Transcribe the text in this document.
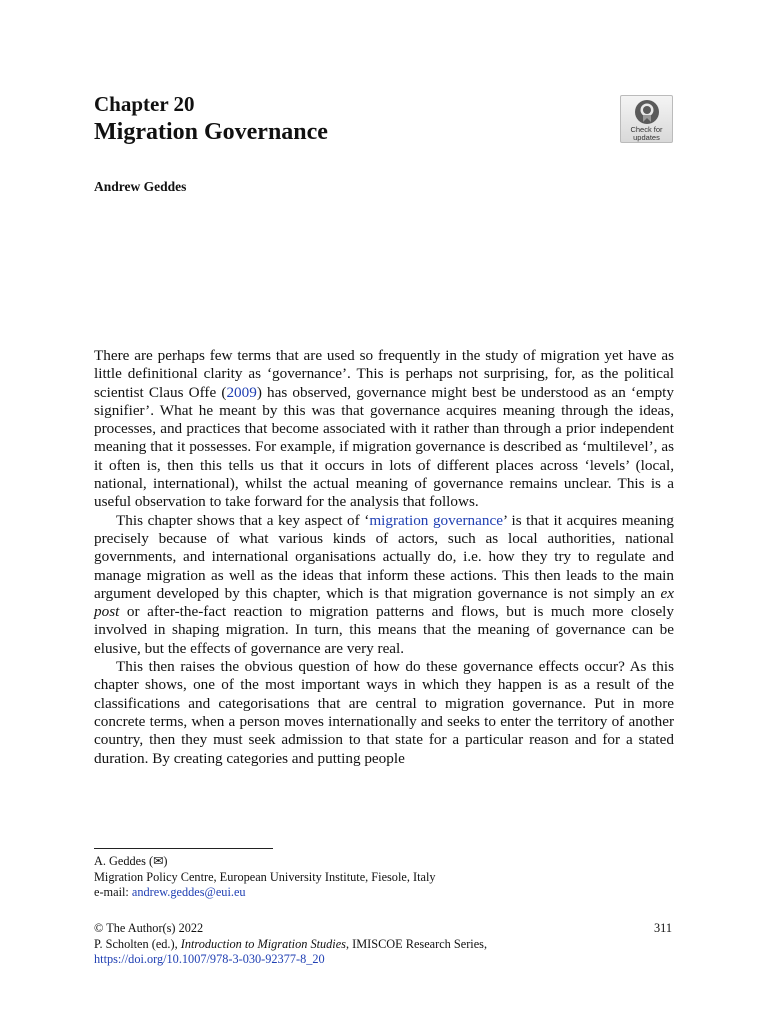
Chapter 20
Migration Governance	Check for
updates
Andrew Geddes

There are perhaps few terms that are used so frequently in the study of migration yet have as little definitional clarity as ‘governance’. This is perhaps not surprising, for, as the political scientist Claus Offe (2009) has observed, governance might best be understood as an ‘empty signifier’. What he meant by this was that governance acquires meaning through the ideas, processes, and practices that become associated with it rather than through a prior independent meaning that it possesses. For example, if migration governance is described as ‘multilevel’, as it often is, then this tells us that it occurs in lots of different places across ‘levels’ (local, national, international), whilst the actual meaning of governance remains unclear. This is a useful observation to take forward for the analysis that follows.

This chapter shows that a key aspect of ‘migration governance’ is that it acquires meaning precisely because of what various kinds of actors, such as local authorities, national governments, and international organisations actually do, i.e. how they try to regulate and manage migration as well as the ideas that inform these actions. This then leads to the main argument developed by this chapter, which is that migration governance is not simply an ex post or after-the-fact reaction to migration patterns and flows, but is much more closely involved in shaping migration. In turn, this means that the meaning of governance can be elusive, but the effects of governance are very real.

This then raises the obvious question of how do these governance effects occur? As this chapter shows, one of the most important ways in which they happen is as a result of the classifications and categorisations that are central to migration governance. Put in more concrete terms, when a person moves internationally and seeks to enter the territory of another country, then they must seek admission to that state for a particular reason and for a stated duration. By creating categories and putting people

A. Geddes (✉)
Migration Policy Centre, European University Institute, Fiesole, Italy
e-mail: andrew.geddes@eui.eu
© The Author(s) 2022
P. Scholten (ed.), Introduction to Migration Studies, IMISCOE Research Series,
https://doi.org/10.1007/978-3-030-92377-8_20
311
